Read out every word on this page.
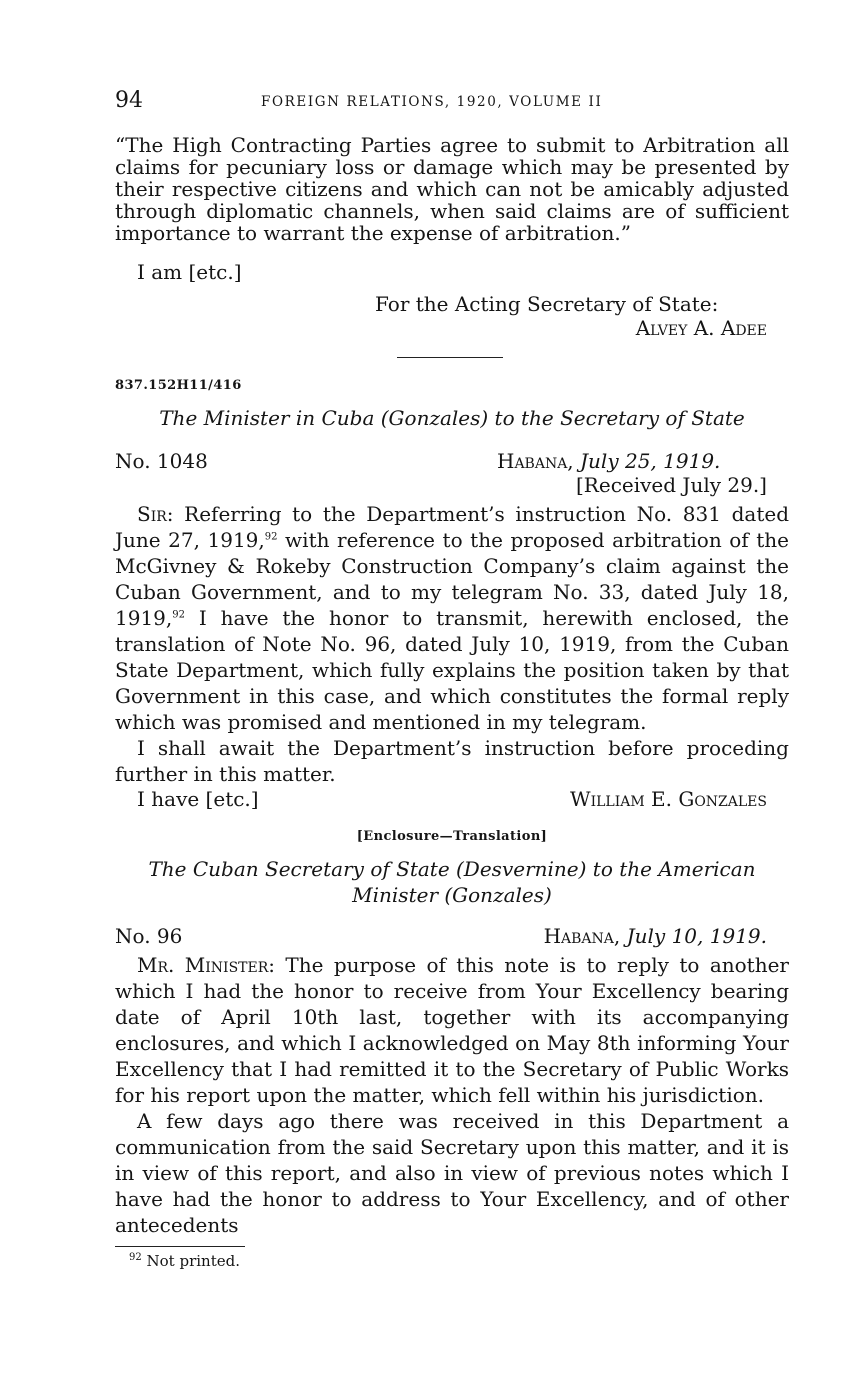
94	FOREIGN RELATIONS, 1920, VOLUME II

“The High Contracting Parties agree to submit to Arbitration all claims for pecuniary loss or damage which may be presented by their respective citizens and which can not be amicably adjusted through diplomatic channels, when said claims are of sufficient importance to warrant the expense of arbitration.”

I am [etc.]
For the Acting Secretary of State:
Alvey A. Adee
837.152H11/416
The Minister in Cuba (Gonzales) to the Secretary of State
No. 1048	Habana, July 25, 1919.
[Received July 29.]

Sir: Referring to the Department’s instruction No. 831 dated June 27, 1919,92 with reference to the proposed arbitration of the McGivney & Rokeby Construction Company’s claim against the Cuban Government, and to my telegram No. 33, dated July 18, 1919,92 I have the honor to transmit, herewith enclosed, the translation of Note No. 96, dated July 10, 1919, from the Cuban State Department, which fully explains the position taken by that Government in this case, and which constitutes the formal reply which was promised and mentioned in my telegram.

I shall await the Department’s instruction before proceding further in this matter.

I have [etc.]	William E. Gonzales
[Enclosure—Translation]
The Cuban Secretary of State (Desvernine) to the American
Minister (Gonzales)
No. 96	Habana, July 10, 1919.

Mr. Minister: The purpose of this note is to reply to another which I had the honor to receive from Your Excellency bearing date of April 10th last, together with its accompanying enclosures, and which I acknowledged on May 8th informing Your Excellency that I had remitted it to the Secretary of Public Works for his report upon the matter, which fell within his jurisdiction.

A few days ago there was received in this Department a communication from the said Secretary upon this matter, and it is in view of this report, and also in view of previous notes which I have had the honor to address to Your Excellency, and of other antecedents

$^{92}$ Not printed.
